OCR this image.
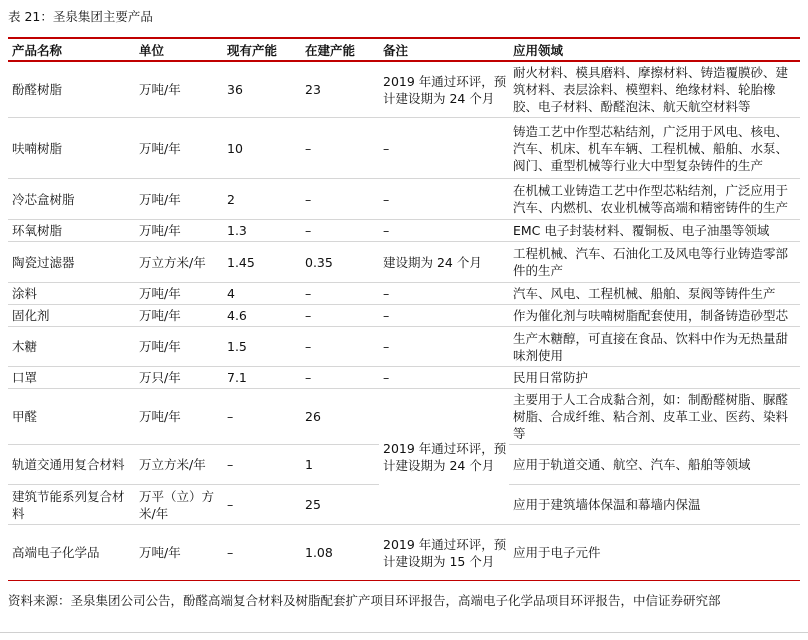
表 21：圣泉集团主要产品
产品名称	单位	现有产能	在建产能	备注	应用领域
酚醛树脂	万吨/年	36	23	2019 年通过环评，预计建设期为 24 个月	耐火材料、模具磨料、摩擦材料、铸造覆膜砂、建筑材料、表层涂料、模塑料、绝缘材料、轮胎橡胶、电子材料、酚醛泡沫、航天航空材料等
呋喃树脂	万吨/年	10	–	–	铸造工艺中作型芯粘结剂，广泛用于风电、核电、汽车、机床、机车车辆、工程机械、船舶、水泵、阀门、重型机械等行业大中型复杂铸件的生产
冷芯盒树脂	万吨/年	2	–	–	在机械工业铸造工艺中作型芯粘结剂，广泛应用于汽车、内燃机、农业机械等高端和精密铸件的生产
环氧树脂	万吨/年	1.3	–	–	EMC 电子封装材料、覆铜板、电子油墨等领域
陶瓷过滤器	万立方米/年	1.45	0.35	建设期为 24 个月	工程机械、汽车、石油化工及风电等行业铸造零部件的生产
涂料	万吨/年	4	–	–	汽车、风电、工程机械、船舶、泵阀等铸件生产
固化剂	万吨/年	4.6	–	–	作为催化剂与呋喃树脂配套使用，制备铸造砂型芯
木糖	万吨/年	1.5	–	–	生产木糖醇，可直接在食品、饮料中作为无热量甜味剂使用
口罩	万只/年	7.1	–	–	民用日常防护
甲醛	万吨/年	–	26	2019 年通过环评，预计建设期为 24 个月	主要用于人工合成黏合剂，如：制酚醛树脂、脲醛树脂、合成纤维、粘合剂、皮革工业、医药、染料等
轨道交通用复合材料	万立方米/年	–	1		应用于轨道交通、航空、汽车、船舶等领域
建筑节能系列复合材料	万平（立）方米/年	–	25		应用于建筑墙体保温和幕墙内保温
高端电子化学品	万吨/年	–	1.08	2019 年通过环评，预计建设期为 15 个月	应用于电子元件
资料来源：圣泉集团公司公告，酚醛高端复合材料及树脂配套扩产项目环评报告，高端电子化学品项目环评报告，中信证券研究部
